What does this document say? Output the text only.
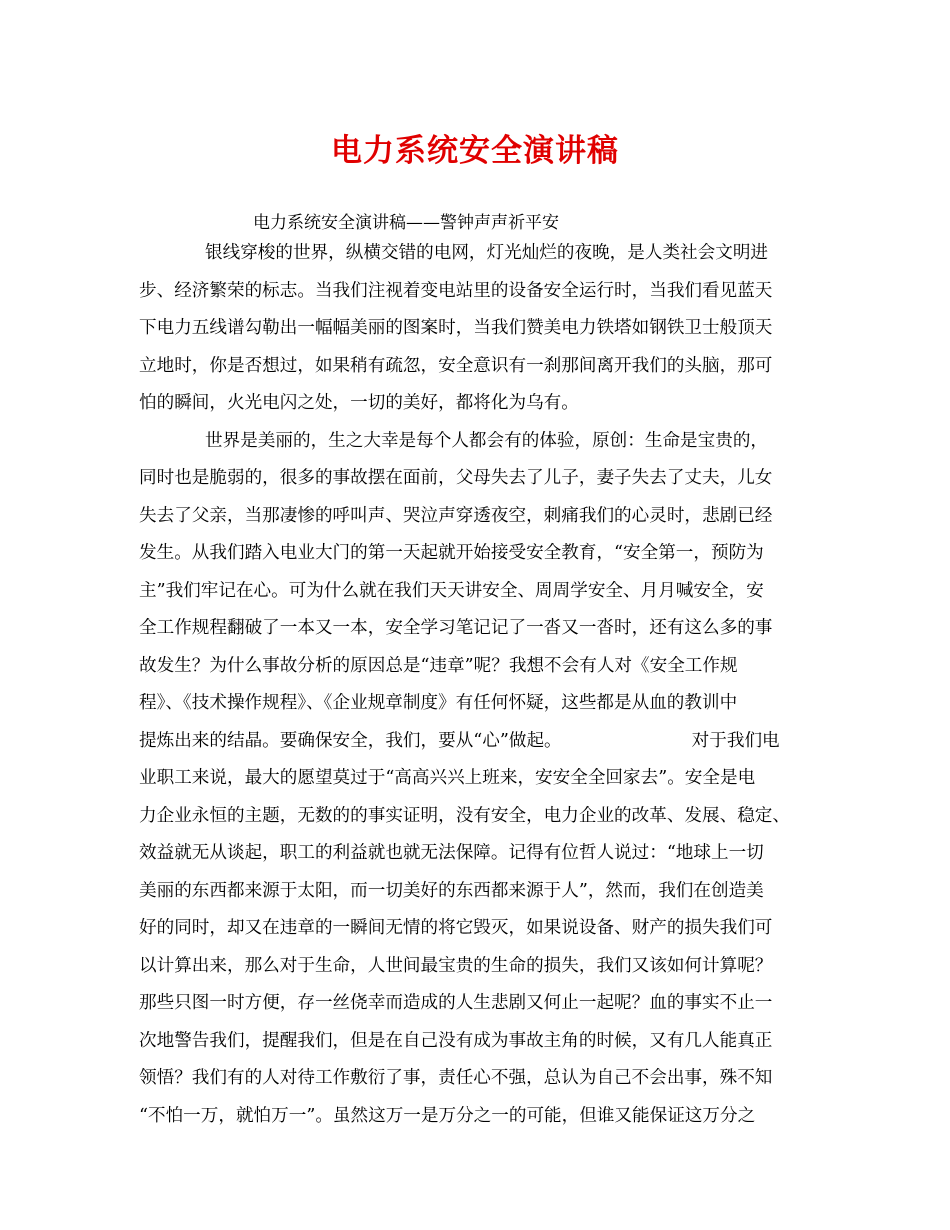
电力系统安全演讲稿
电力系统安全演讲稿——警钟声声祈平安
银线穿梭的世界，纵横交错的电网，灯光灿烂的夜晚，是人类社会文明进
步、经济繁荣的标志。当我们注视着变电站里的设备安全运行时，当我们看见蓝天
下电力五线谱勾勒出一幅幅美丽的图案时，当我们赞美电力铁塔如钢铁卫士般顶天
立地时，你是否想过，如果稍有疏忽，安全意识有一刹那间离开我们的头脑，那可
怕的瞬间，火光电闪之处，一切的美好，都将化为乌有。
世界是美丽的，生之大幸是每个人都会有的体验，原创：生命是宝贵的，
同时也是脆弱的，很多的事故摆在面前，父母失去了儿子，妻子失去了丈夫，儿女
失去了父亲，当那凄惨的呼叫声、哭泣声穿透夜空，刺痛我们的心灵时，悲剧已经
发生。从我们踏入电业大门的第一天起就开始接受安全教育，“安全第一，预防为
主”我们牢记在心。可为什么就在我们天天讲安全、周周学安全、月月喊安全，安
全工作规程翻破了一本又一本，安全学习笔记记了一沓又一沓时，还有这么多的事
故发生？为什么事故分析的原因总是“违章”呢？我想不会有人对《安全工作规
程》、《技术操作规程》、《企业规章制度》有任何怀疑，这些都是从血的教训中
提炼出来的结晶。要确保安全，我们，要从“心”做起。	对于我们电
业职工来说，最大的愿望莫过于“高高兴兴上班来，安安全全回家去”。安全是电
力企业永恒的主题，无数的的事实证明，没有安全，电力企业的改革、发展、稳定、
效益就无从谈起，职工的利益就也就无法保障。记得有位哲人说过：“地球上一切
美丽的东西都来源于太阳，而一切美好的东西都来源于人”，然而，我们在创造美
好的同时，却又在违章的一瞬间无情的将它毁灭，如果说设备、财产的损失我们可
以计算出来，那么对于生命，人世间最宝贵的生命的损失，我们又该如何计算呢？
那些只图一时方便，存一丝侥幸而造成的人生悲剧又何止一起呢？血的事实不止一
次地警告我们，提醒我们，但是在自己没有成为事故主角的时候，又有几人能真正
领悟？我们有的人对待工作敷衍了事，责任心不强，总认为自己不会出事，殊不知
“不怕一万，就怕万一”。虽然这万一是万分之一的可能，但谁又能保证这万分之
